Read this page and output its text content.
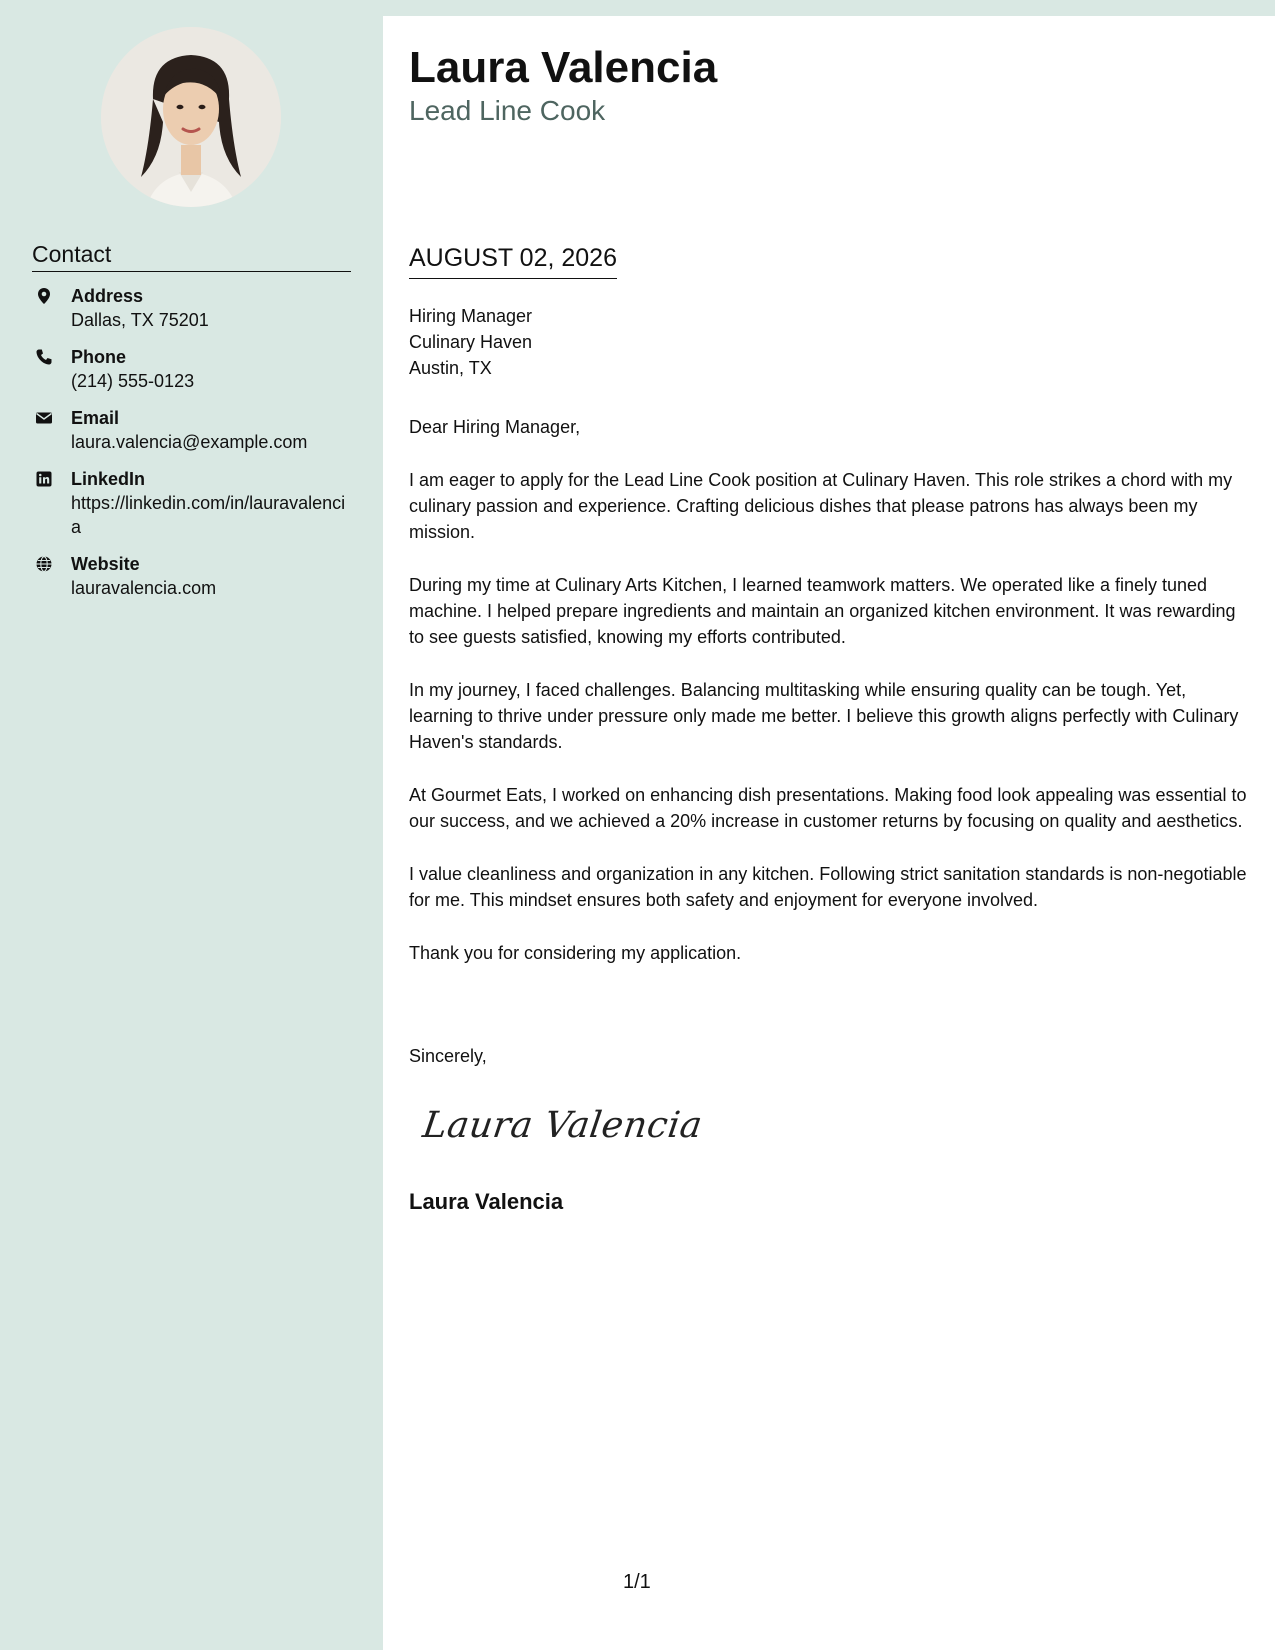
Contact
Address
Dallas, TX 75201
Phone
(214) 555-0123
Email
laura.valencia@example.com
LinkedIn
https://linkedin.com/in/lauravalencia
Website
lauravalencia.com
Laura Valencia
Lead Line Cook
AUGUST 02, 2026
Hiring Manager
Culinary Haven
Austin, TX

Dear Hiring Manager,

I am eager to apply for the Lead Line Cook position at Culinary Haven. This role strikes a chord with my culinary passion and experience. Crafting delicious dishes that please patrons has always been my mission.

During my time at Culinary Arts Kitchen, I learned teamwork matters. We operated like a finely tuned machine. I helped prepare ingredients and maintain an organized kitchen environment. It was rewarding to see guests satisfied, knowing my efforts contributed.

In my journey, I faced challenges. Balancing multitasking while ensuring quality can be tough. Yet, learning to thrive under pressure only made me better. I believe this growth aligns perfectly with Culinary Haven's standards.

At Gourmet Eats, I worked on enhancing dish presentations. Making food look appealing was essential to our success, and we achieved a 20% increase in customer returns by focusing on quality and aesthetics.

I value cleanliness and organization in any kitchen. Following strict sanitation standards is non-negotiable for me. This mindset ensures both safety and enjoyment for everyone involved.

Thank you for considering my application.

Sincerely,
Laura Valencia
Laura Valencia
1/1
